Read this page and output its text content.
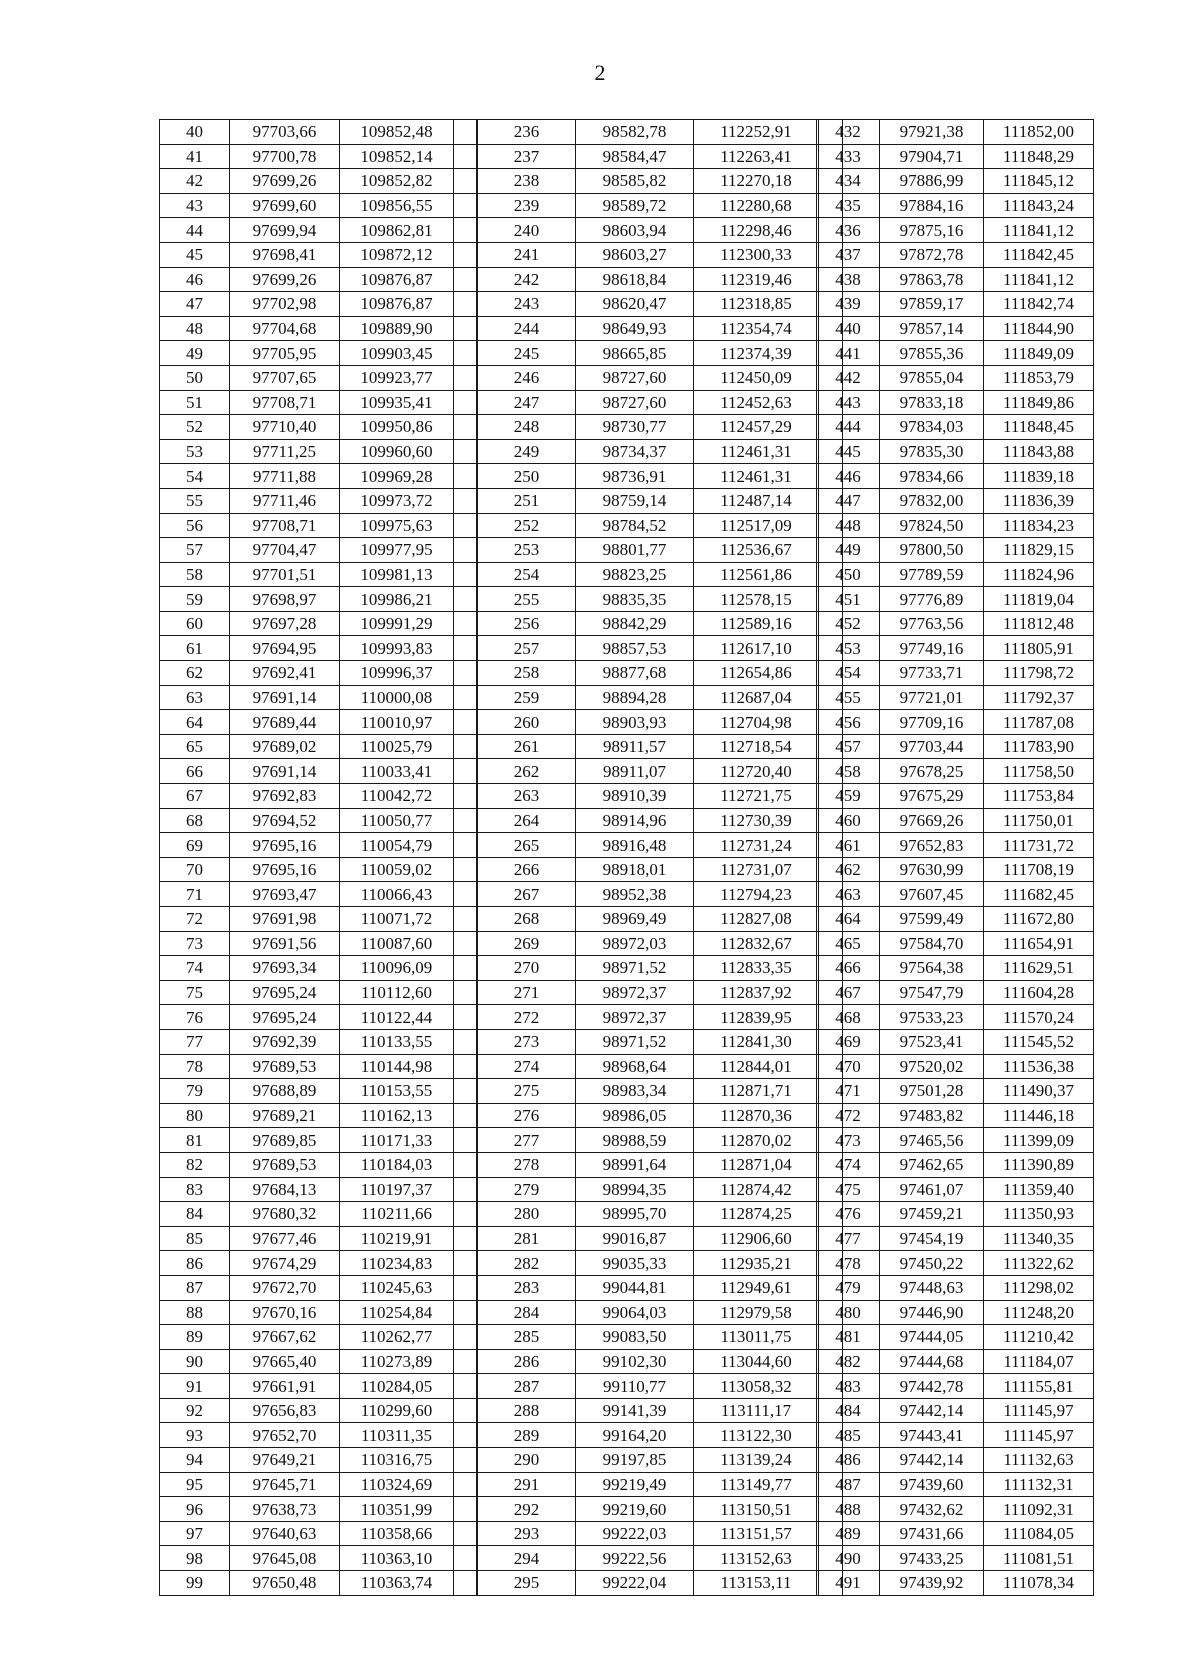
2
40	97703,66	109852,48	
41	97700,78	109852,14	
42	97699,26	109852,82	
43	97699,60	109856,55	
44	97699,94	109862,81	
45	97698,41	109872,12	
46	97699,26	109876,87	
47	97702,98	109876,87	
48	97704,68	109889,90	
49	97705,95	109903,45	
50	97707,65	109923,77	
51	97708,71	109935,41	
52	97710,40	109950,86	
53	97711,25	109960,60	
54	97711,88	109969,28	
55	97711,46	109973,72	
56	97708,71	109975,63	
57	97704,47	109977,95	
58	97701,51	109981,13	
59	97698,97	109986,21	
60	97697,28	109991,29	
61	97694,95	109993,83	
62	97692,41	109996,37	
63	97691,14	110000,08	
64	97689,44	110010,97	
65	97689,02	110025,79	
66	97691,14	110033,41	
67	97692,83	110042,72	
68	97694,52	110050,77	
69	97695,16	110054,79	
70	97695,16	110059,02	
71	97693,47	110066,43	
72	97691,98	110071,72	
73	97691,56	110087,60	
74	97693,34	110096,09	
75	97695,24	110112,60	
76	97695,24	110122,44	
77	97692,39	110133,55	
78	97689,53	110144,98	
79	97688,89	110153,55	
80	97689,21	110162,13	
81	97689,85	110171,33	
82	97689,53	110184,03	
83	97684,13	110197,37	
84	97680,32	110211,66	
85	97677,46	110219,91	
86	97674,29	110234,83	
87	97672,70	110245,63	
88	97670,16	110254,84	
89	97667,62	110262,77	
90	97665,40	110273,89	
91	97661,91	110284,05	
92	97656,83	110299,60	
93	97652,70	110311,35	
94	97649,21	110316,75	
95	97645,71	110324,69	
96	97638,73	110351,99	
97	97640,63	110358,66	
98	97645,08	110363,10	
99	97650,48	110363,74	
236	98582,78	112252,91	
237	98584,47	112263,41	
238	98585,82	112270,18	
239	98589,72	112280,68	
240	98603,94	112298,46	
241	98603,27	112300,33	
242	98618,84	112319,46	
243	98620,47	112318,85	
244	98649,93	112354,74	
245	98665,85	112374,39	
246	98727,60	112450,09	
247	98727,60	112452,63	
248	98730,77	112457,29	
249	98734,37	112461,31	
250	98736,91	112461,31	
251	98759,14	112487,14	
252	98784,52	112517,09	
253	98801,77	112536,67	
254	98823,25	112561,86	
255	98835,35	112578,15	
256	98842,29	112589,16	
257	98857,53	112617,10	
258	98877,68	112654,86	
259	98894,28	112687,04	
260	98903,93	112704,98	
261	98911,57	112718,54	
262	98911,07	112720,40	
263	98910,39	112721,75	
264	98914,96	112730,39	
265	98916,48	112731,24	
266	98918,01	112731,07	
267	98952,38	112794,23	
268	98969,49	112827,08	
269	98972,03	112832,67	
270	98971,52	112833,35	
271	98972,37	112837,92	
272	98972,37	112839,95	
273	98971,52	112841,30	
274	98968,64	112844,01	
275	98983,34	112871,71	
276	98986,05	112870,36	
277	98988,59	112870,02	
278	98991,64	112871,04	
279	98994,35	112874,42	
280	98995,70	112874,25	
281	99016,87	112906,60	
282	99035,33	112935,21	
283	99044,81	112949,61	
284	99064,03	112979,58	
285	99083,50	113011,75	
286	99102,30	113044,60	
287	99110,77	113058,32	
288	99141,39	113111,17	
289	99164,20	113122,30	
290	99197,85	113139,24	
291	99219,49	113149,77	
292	99219,60	113150,51	
293	99222,03	113151,57	
294	99222,56	113152,63	
295	99222,04	113153,11	
432	97921,38	111852,00
433	97904,71	111848,29
434	97886,99	111845,12
435	97884,16	111843,24
436	97875,16	111841,12
437	97872,78	111842,45
438	97863,78	111841,12
439	97859,17	111842,74
440	97857,14	111844,90
441	97855,36	111849,09
442	97855,04	111853,79
443	97833,18	111849,86
444	97834,03	111848,45
445	97835,30	111843,88
446	97834,66	111839,18
447	97832,00	111836,39
448	97824,50	111834,23
449	97800,50	111829,15
450	97789,59	111824,96
451	97776,89	111819,04
452	97763,56	111812,48
453	97749,16	111805,91
454	97733,71	111798,72
455	97721,01	111792,37
456	97709,16	111787,08
457	97703,44	111783,90
458	97678,25	111758,50
459	97675,29	111753,84
460	97669,26	111750,01
461	97652,83	111731,72
462	97630,99	111708,19
463	97607,45	111682,45
464	97599,49	111672,80
465	97584,70	111654,91
466	97564,38	111629,51
467	97547,79	111604,28
468	97533,23	111570,24
469	97523,41	111545,52
470	97520,02	111536,38
471	97501,28	111490,37
472	97483,82	111446,18
473	97465,56	111399,09
474	97462,65	111390,89
475	97461,07	111359,40
476	97459,21	111350,93
477	97454,19	111340,35
478	97450,22	111322,62
479	97448,63	111298,02
480	97446,90	111248,20
481	97444,05	111210,42
482	97444,68	111184,07
483	97442,78	111155,81
484	97442,14	111145,97
485	97443,41	111145,97
486	97442,14	111132,63
487	97439,60	111132,31
488	97432,62	111092,31
489	97431,66	111084,05
490	97433,25	111081,51
491	97439,92	111078,34
